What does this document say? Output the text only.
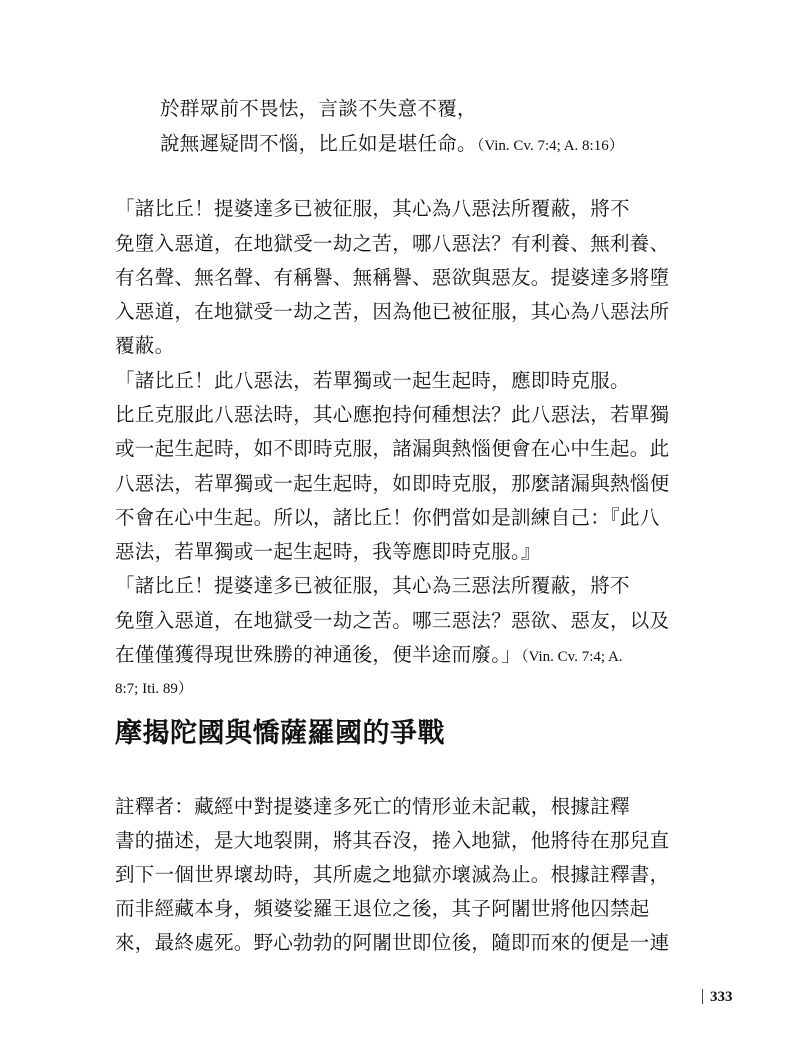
於群眾前不畏怯，言談不失意不覆，
說無遲疑問不惱，比丘如是堪任命。（Vin. Cv. 7:4; A. 8:16）
「諸比丘！提婆達多已被征服，其心為八惡法所覆蔽，將不
免墮入惡道，在地獄受一劫之苦，哪八惡法？有利養、無利養、
有名聲、無名聲、有稱譽、無稱譽、惡欲與惡友。提婆達多將墮
入惡道，在地獄受一劫之苦，因為他已被征服，其心為八惡法所
覆蔽。
「諸比丘！此八惡法，若單獨或一起生起時，應即時克服。
比丘克服此八惡法時，其心應抱持何種想法？此八惡法，若單獨
或一起生起時，如不即時克服，諸漏與熱惱便會在心中生起。此
八惡法，若單獨或一起生起時，如即時克服，那麼諸漏與熱惱便
不會在心中生起。所以，諸比丘！你們當如是訓練自己：『此八
惡法，若單獨或一起生起時，我等應即時克服。』
「諸比丘！提婆達多已被征服，其心為三惡法所覆蔽，將不
免墮入惡道，在地獄受一劫之苦。哪三惡法？惡欲、惡友，以及
在僅僅獲得現世殊勝的神通後，便半途而廢。」（Vin. Cv. 7:4; A.
8:7; Iti. 89）
摩揭陀國與憍薩羅國的爭戰
註釋者：藏經中對提婆達多死亡的情形並未記載，根據註釋
書的描述，是大地裂開，將其吞沒，捲入地獄，他將待在那兒直
到下一個世界壞劫時，其所處之地獄亦壞滅為止。根據註釋書，
而非經藏本身，頻婆娑羅王退位之後，其子阿闍世將他囚禁起
來，最終處死。野心勃勃的阿闍世即位後，隨即而來的便是一連
333
